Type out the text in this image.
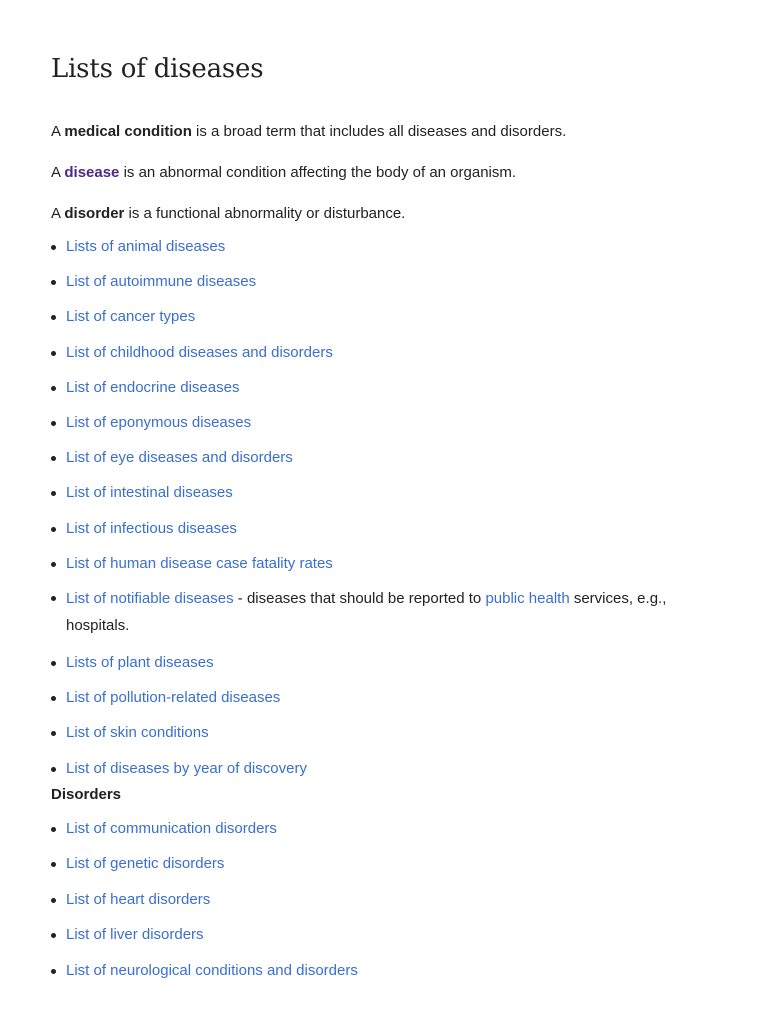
Lists of diseases

A medical condition is a broad term that includes all diseases and disorders.

A disease is an abnormal condition affecting the body of an organism.

A disorder is a functional abnormality or disturbance.

Lists of animal diseases
List of autoimmune diseases
List of cancer types
List of childhood diseases and disorders
List of endocrine diseases
List of eponymous diseases
List of eye diseases and disorders
List of intestinal diseases
List of infectious diseases
List of human disease case fatality rates
List of notifiable diseases - diseases that should be reported to public health services, e.g., hospitals.
Lists of plant diseases
List of pollution-related diseases
List of skin conditions
List of diseases by year of discovery

Disorders

List of communication disorders
List of genetic disorders
List of heart disorders
List of liver disorders
List of neurological conditions and disorders
